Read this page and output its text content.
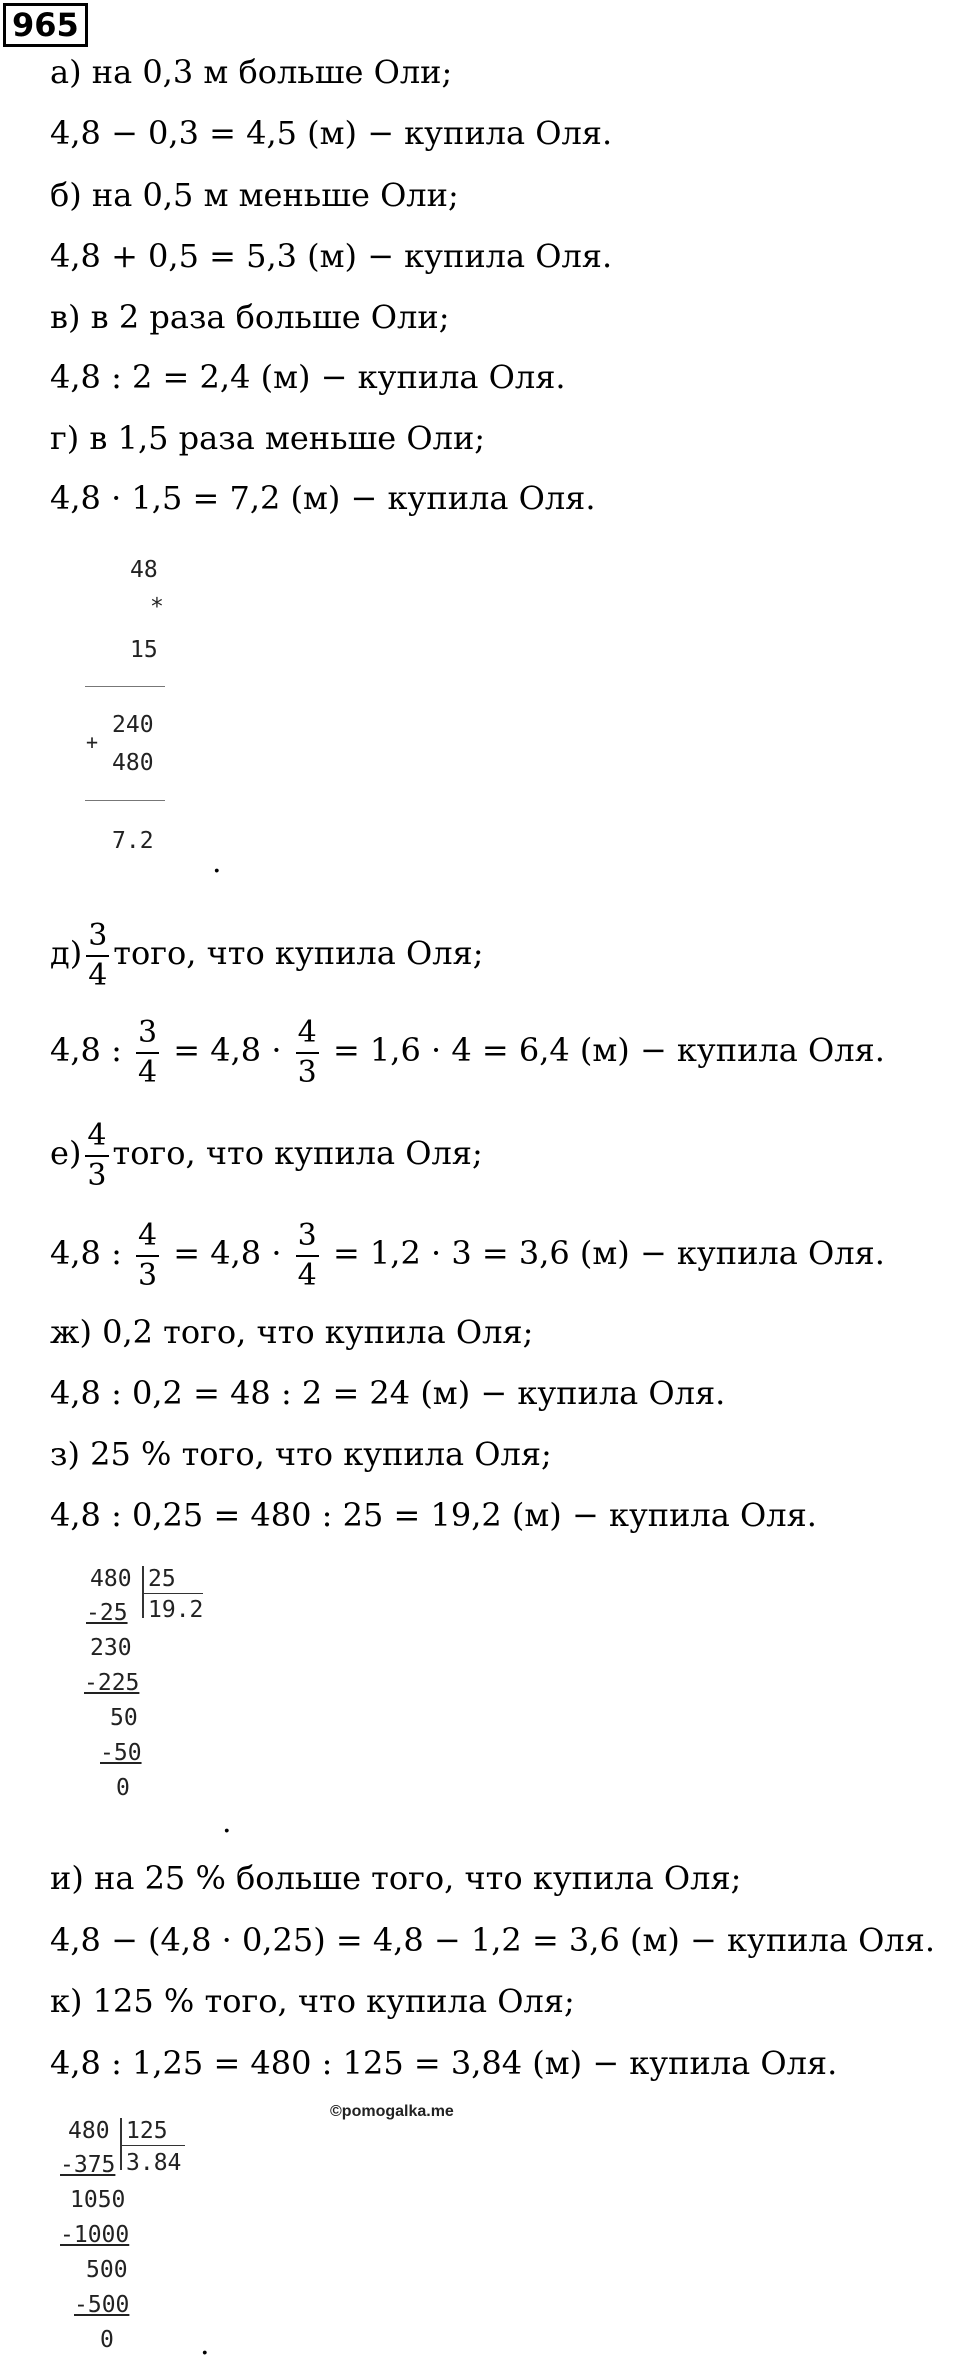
965
а) на 0,3 м больше Оли;
4,8 − 0,3 = 4,5 (м) − купила Оля.
б) на 0,5 м меньше Оли;
4,8 + 0,5 = 5,3 (м) − купила Оля.
в) в 2 раза больше Оли;
4,8 : 2 = 2,4 (м) − купила Оля.
г) в 1,5 раза меньше Оли;
4,8 · 1,5 = 7,2 (м) − купила Оля.
48
*
15
+
240
480
7.2
.
$д) \frac{3}{4}$ того, что купила Оля;
4,8 : $\frac{3}{4} = 4,8 \cdot \frac{4}{3} = 1,6 \cdot 4 = 6,4$ (м) − купила Оля.
$е) \frac{4}{3}$ того, что купила Оля;
4,8 : $\frac{4}{3} = 4,8 \cdot \frac{3}{4} = 1,2 \cdot 3 = 3,6$ (м) − купила Оля.
ж) 0,2 того, что купила Оля;
4,8 : 0,2 = 48 : 2 = 24 (м) − купила Оля.
з) 25 % того, что купила Оля;
4,8 : 0,25 = 480 : 25 = 19,2 (м) − купила Оля.
480 25
19.2
-25
230
-225
50
-50
0
.
и) на 25 % больше того, что купила Оля;
4,8 − (4,8 · 0,25) = 4,8 − 1,2 = 3,6 (м) − купила Оля.
к) 125 % того, что купила Оля;
4,8 : 1,25 = 480 : 125 = 3,84 (м) − купила Оля.
©pomogalka.me
480 125
3.84
-375
1050
-1000
500
-500
0	.
